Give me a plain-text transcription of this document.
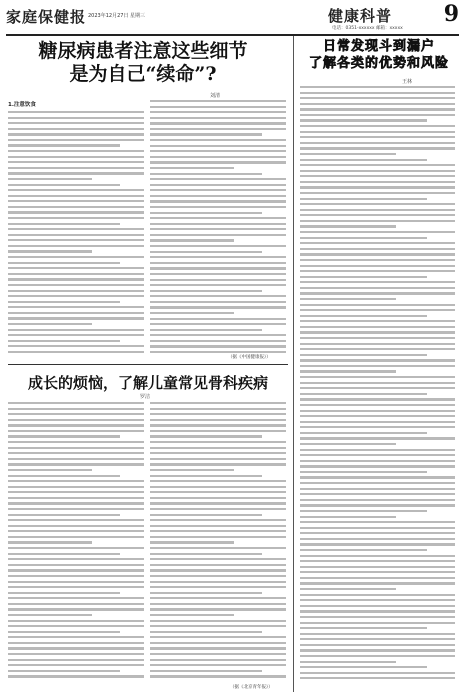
家庭保健报 2023年12月27日 星期三	健康科普
电话：0351-xxxxxx 邮箱：xxxxx
9
糖尿病患者注意这些细节
是为自己“续命”?
刘清
1.注意饮食
（据《中国健康报》）
成长的烦恼，了解儿童常见骨科疾病
罗洁
（据《北京青年报》）
日常发现斗到漏户
了解各类的优势和风险
王林
